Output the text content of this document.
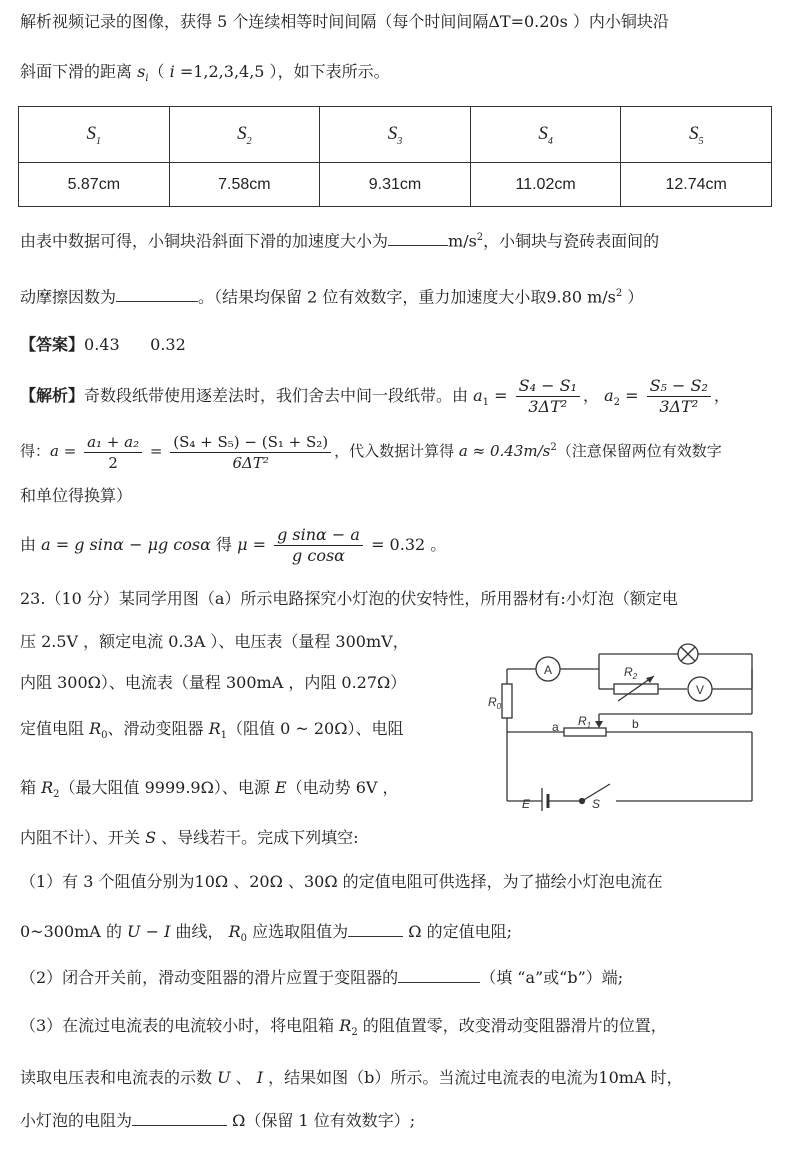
解析视频记录的图像，获得 5 个连续相等时间间隔（每个时间间隔ΔT=0.20s ）内小铜块沿
斜面下滑的距离 $s_i$（ i =1,2,3,4,5 ），如下表所示。
$S_1$	$S_2$	$S_3$	$S_4$	$S_5$
5.87cm	7.58cm	9.31cm	11.02cm	12.74cm
由表中数据可得，小铜块沿斜面下滑的加速度大小为	$m/s^2$，小铜块与瓷砖表面间的
动摩擦因数为	。（结果均保留 2 位有效数字，重力加速度大小取9.80 $m/s^2$ ）
【答案】0.43      0.32
【解析】奇数段纸带使用逐差法时，我们舍去中间一段纸带。由 $a_1 = \frac{\text{S₄ − S₁}}{\text{3ΔT²}}$ ， $a_2 = \frac{\text{S₅ − S₂}}{\text{3ΔT²}}$ ，
得：$a = \frac{\text{a₁ + a₂}}{2} = \frac{\text{(S₄ + S₅) − (S₁ + S₂)}}{\text{6ΔT²}}$ ，代入数据计算得 $a \approx 0.43m/s^2$（注意保留两位有效数字
和单位得换算）
由 a = g sinα − μg cosα 得 $\mu = \frac{\text{g sinα − a}}{\text{g cosα}} = 0.32$ 。
23.（10 分）某同学用图（a）所示电路探究小灯泡的伏安特性，所用器材有:小灯泡（额定电
压 2.5V ，额定电流 0.3A ）、电压表（量程 300mV，
内阻 300Ω）、电流表（量程 300mA ，内阻 0.27Ω）
定值电阻 $R_0$、滑动变阻器 $R_1$（阻值 0 ~ 20Ω）、电阻
箱 $R_2$（最大阻值 9999.9Ω）、电源 E（电动势 6V ，
内阻不计）、开关 S 、导线若干。完成下列填空:
（1）有 3 个阻值分别为10Ω 、20Ω 、30Ω 的定值电阻可供选择，为了描绘小灯泡电流在
0~300mA 的 U − I 曲线， $R_0$ 应选取阻值为	Ω 的定值电阻;
（2）闭合开关前，滑动变阻器的滑片应置于变阻器的	（填 “a”或“b”）端;
（3）在流过电流表的电流较小时，将电阻箱 $R_2$ 的阻值置零，改变滑动变阻器滑片的位置，
读取电压表和电流表的示数 U 、 I ，结果如图（b）所示。当流过电流表的电流为10mA 时，
小灯泡的电阻为	Ω（保留 1 位有效数字）;
A
V
$R_0$
$R_2$
$R_1$
a	b
E	S
